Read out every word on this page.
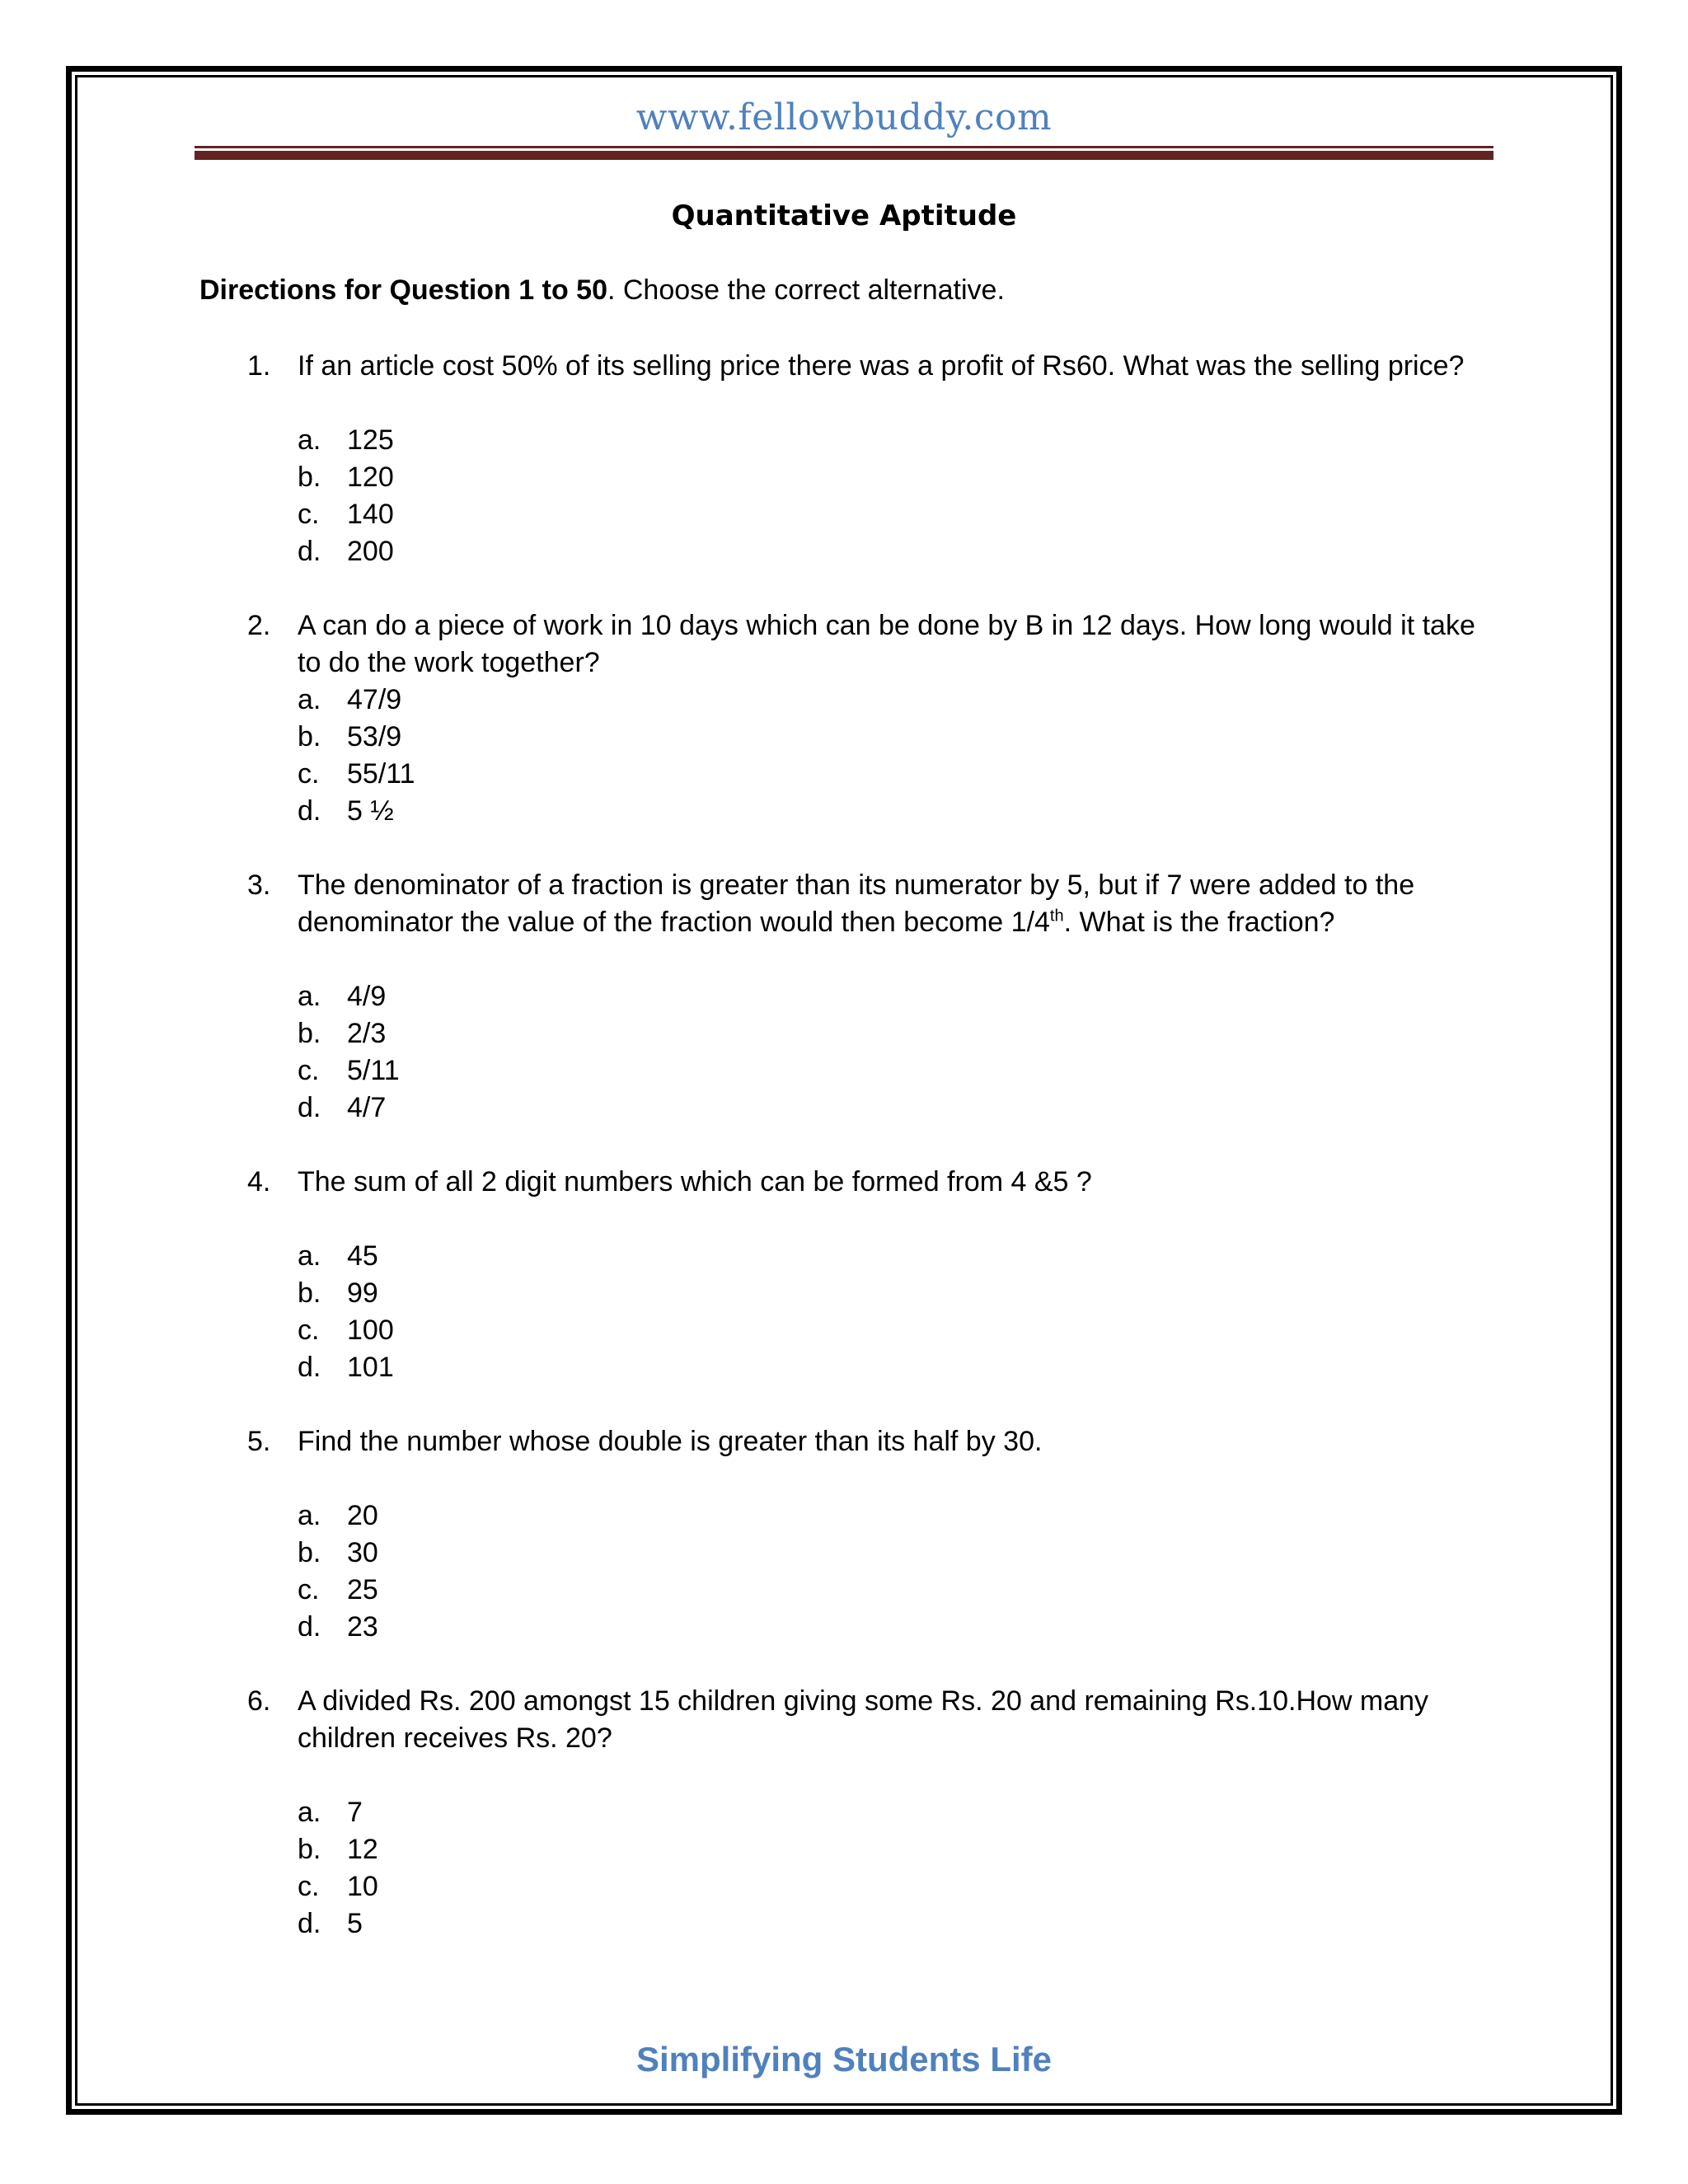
www.fellowbuddy.com
Quantitative Aptitude
Directions for Question 1 to 50. Choose the correct alternative.
1. If an article cost 50% of its selling price there was a profit of Rs60. What was the selling price?
a. 125
b. 120
c. 140
d. 200
2. A can do a piece of work in 10 days which can be done by B in 12 days. How long would it take to do the work together?
a. 47/9
b. 53/9
c. 55/11
d. 5 ½
3. The denominator of a fraction is greater than its numerator by 5, but if 7 were added to the denominator the value of the fraction would then become 1/4th. What is the fraction?
a. 4/9
b. 2/3
c. 5/11
d. 4/7
4. The sum of all 2 digit numbers which can be formed from 4 &5 ?
a. 45
b. 99
c. 100
d. 101
5. Find the number whose double is greater than its half by 30.
a. 20
b. 30
c. 25
d. 23
6. A divided Rs. 200 amongst 15 children giving some Rs. 20 and remaining Rs.10.How many children receives Rs. 20?
a. 7
b. 12
c. 10
d. 5
Simplifying Students Life
